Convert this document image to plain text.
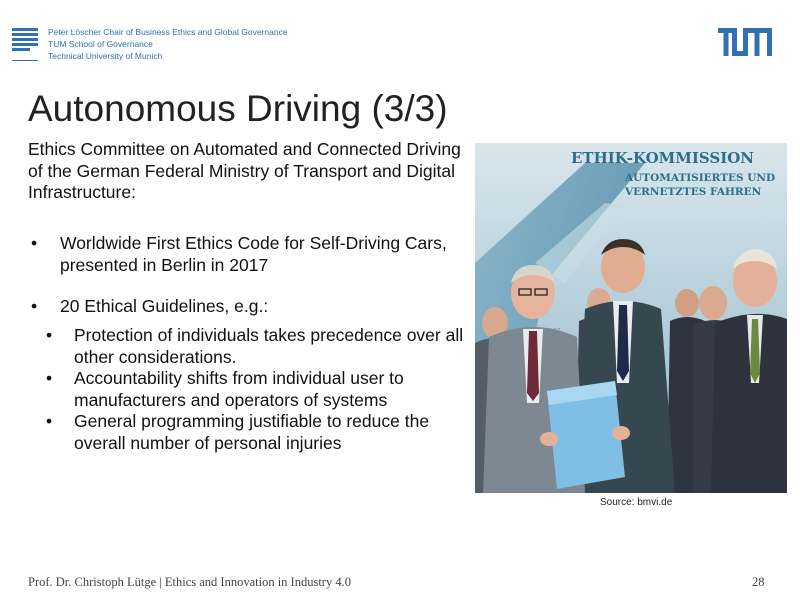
Peter Löscher Chair of Business Ethics and Global Governance
TUM School of Governance
Technical University of Munich
Autonomous Driving (3/3)
Ethics Committee on Automated and Connected Driving of the German Federal Ministry of Transport and Digital Infrastructure:
• Worldwide First Ethics Code for Self-Driving Cars, presented in Berlin in 2017
• 20 Ethical Guidelines, e.g.:
• Protection of individuals takes precedence over all other considerations.
• Accountability shifts from individual user to manufacturers and operators of systems
• General programming justifiable to reduce the overall number of personal injuries
ETHIK-KOMMISSION
AUTOMATISIERTES UND
VERNETZTES FAHREN
Source: bmvi.de
Prof. Dr. Christoph Lütge | Ethics and Innovation in Industry 4.0	28
